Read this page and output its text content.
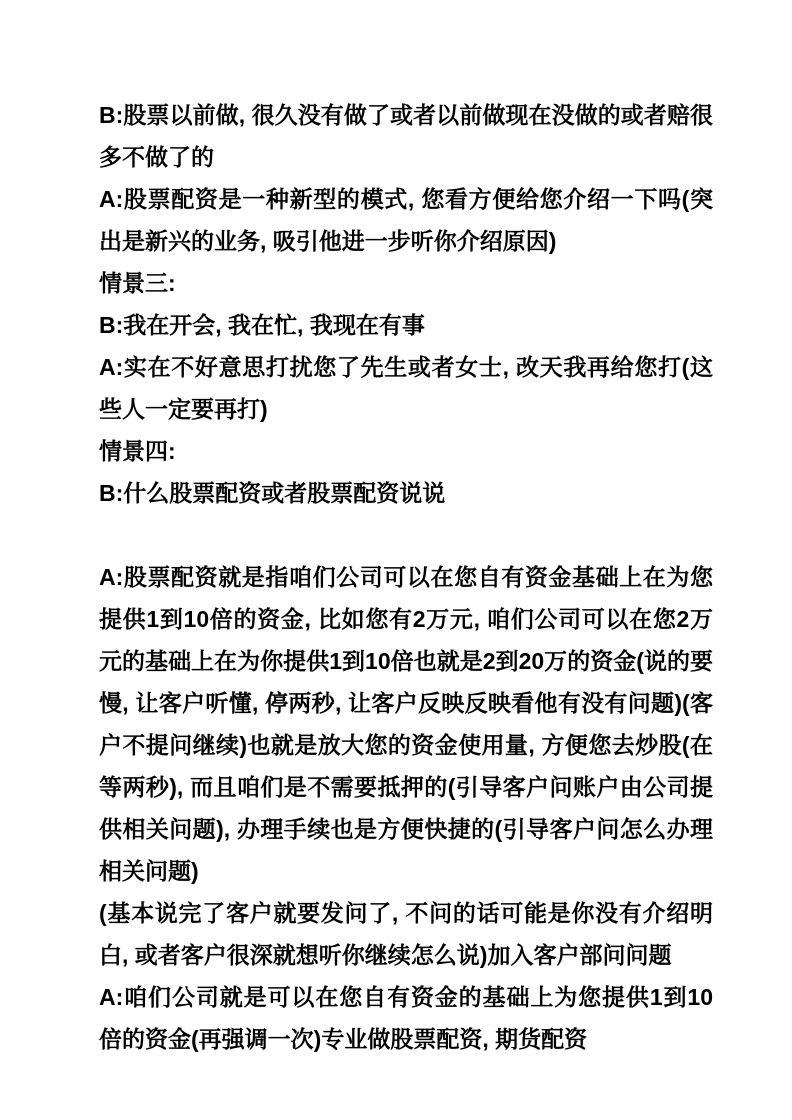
B:股票以前做, 很久没有做了或者以前做现在没做的或者赔很多不做了的

A:股票配资是一种新型的模式, 您看方便给您介绍一下吗(突出是新兴的业务, 吸引他进一步听你介绍原因)

情景三:

B:我在开会, 我在忙, 我现在有事

A:实在不好意思打扰您了先生或者女士, 改天我再给您打(这些人一定要再打)

情景四:

B:什么股票配资或者股票配资说说

A:股票配资就是指咱们公司可以在您自有资金基础上在为您提供1到10倍的资金, 比如您有2万元, 咱们公司可以在您2万元的基础上在为你提供1到10倍也就是2到20万的资金(说的要慢, 让客户听懂, 停两秒, 让客户反映反映看他有没有问题)(客户不提问继续)也就是放大您的资金使用量, 方便您去炒股(在等两秒), 而且咱们是不需要抵押的(引导客户问账户由公司提供相关问题), 办理手续也是方便快捷的(引导客户问怎么办理相关问题)

(基本说完了客户就要发问了, 不问的话可能是你没有介绍明白, 或者客户很深就想听你继续怎么说)加入客户部问问题

A:咱们公司就是可以在您自有资金的基础上为您提供1到10倍的资金(再强调一次)专业做股票配资, 期货配资
